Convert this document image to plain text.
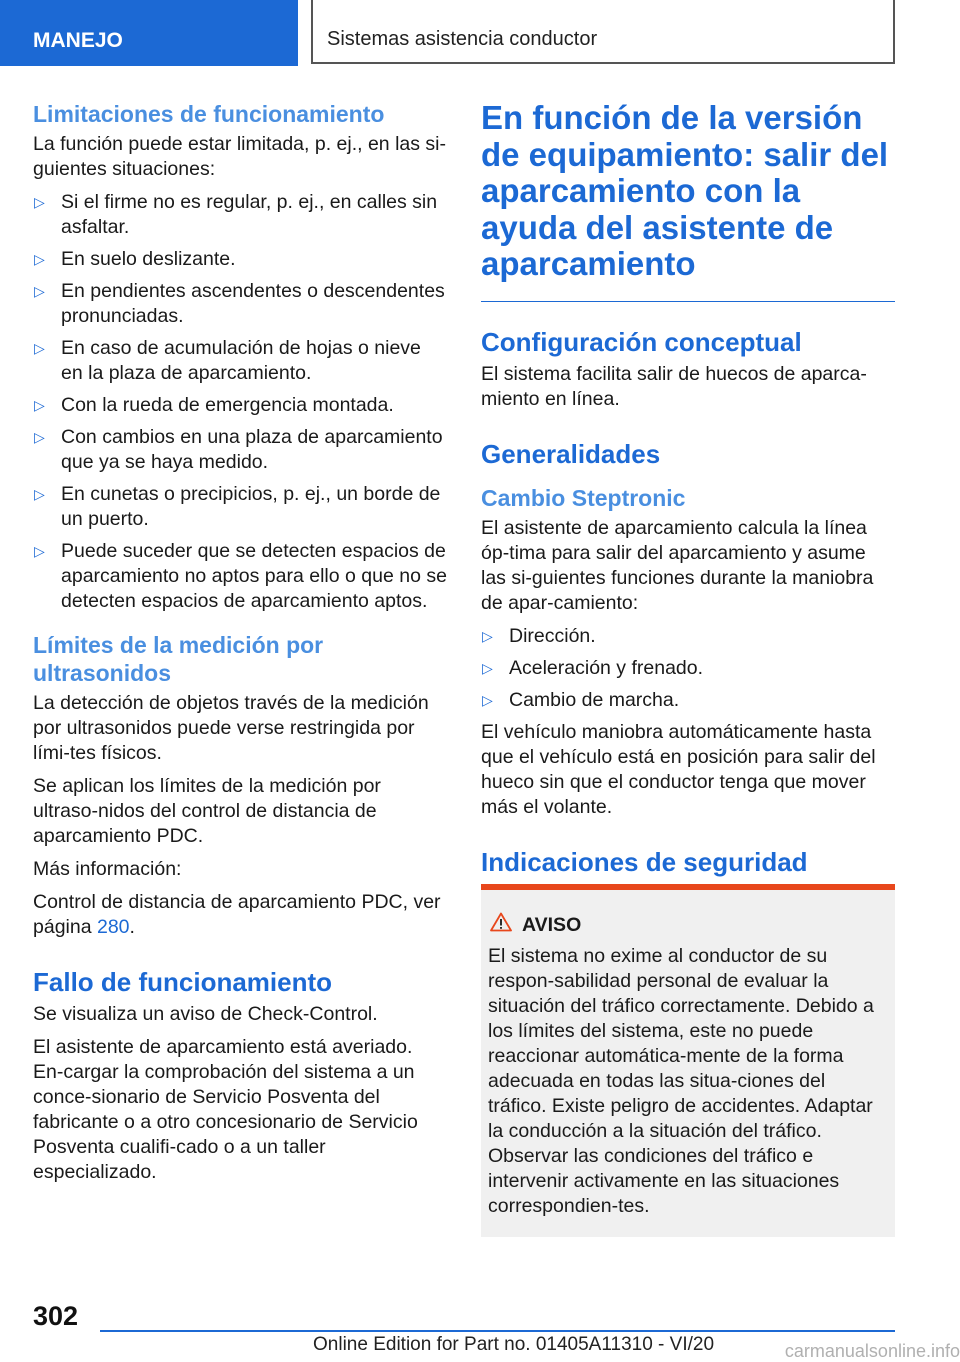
MANEJO	Sistemas asistencia conductor
Limitaciones de funcionamiento

La función puede estar limitada, p. ej., en las si-guientes situaciones:

▷ Si el firme no es regular, p. ej., en calles sin asfaltar.
▷ En suelo deslizante.
▷ En pendientes ascendentes o descendentes pronunciadas.
▷ En caso de acumulación de hojas o nieve en la plaza de aparcamiento.
▷ Con la rueda de emergencia montada.
▷ Con cambios en una plaza de aparcamiento que ya se haya medido.
▷ En cunetas o precipicios, p. ej., un borde de un puerto.
▷ Puede suceder que se detecten espacios de aparcamiento no aptos para ello o que no se detecten espacios de aparcamiento aptos.
Límites de la medición por ultrasonidos

La detección de objetos través de la medición por ultrasonidos puede verse restringida por lími-tes físicos.

Se aplican los límites de la medición por ultraso-nidos del control de distancia de aparcamiento PDC.

Más información:

Control de distancia de aparcamiento PDC, ver página 280.

Fallo de funcionamiento

Se visualiza un aviso de Check-Control.

El asistente de aparcamiento está averiado. En-cargar la comprobación del sistema a un conce-sionario de Servicio Posventa del fabricante o a otro concesionario de Servicio Posventa cualifi-cado o a un taller especializado.

En función de la versión de equipamiento: salir del aparcamiento con la ayuda del asistente de aparcamiento
Configuración conceptual

El sistema facilita salir de huecos de aparca-miento en línea.

Generalidades
Cambio Steptronic

El asistente de aparcamiento calcula la línea óp-tima para salir del aparcamiento y asume las si-guientes funciones durante la maniobra de apar-camiento:

▷ Dirección.
▷ Aceleración y frenado.
▷ Cambio de marcha.

El vehículo maniobra automáticamente hasta que el vehículo está en posición para salir del hueco sin que el conductor tenga que mover más el volante.

Indicaciones de seguridad
AVISO

El sistema no exime al conductor de su respon-sabilidad personal de evaluar la situación del tráfico correctamente. Debido a los límites del sistema, este no puede reaccionar automática-mente de la forma adecuada en todas las situa-ciones del tráfico. Existe peligro de accidentes. Adaptar la conducción a la situación del tráfico. Observar las condiciones del tráfico e intervenir activamente en las situaciones correspondien-tes.

302
Online Edition for Part no. 01405A11310 - VI/20	carmanualsonline.info
